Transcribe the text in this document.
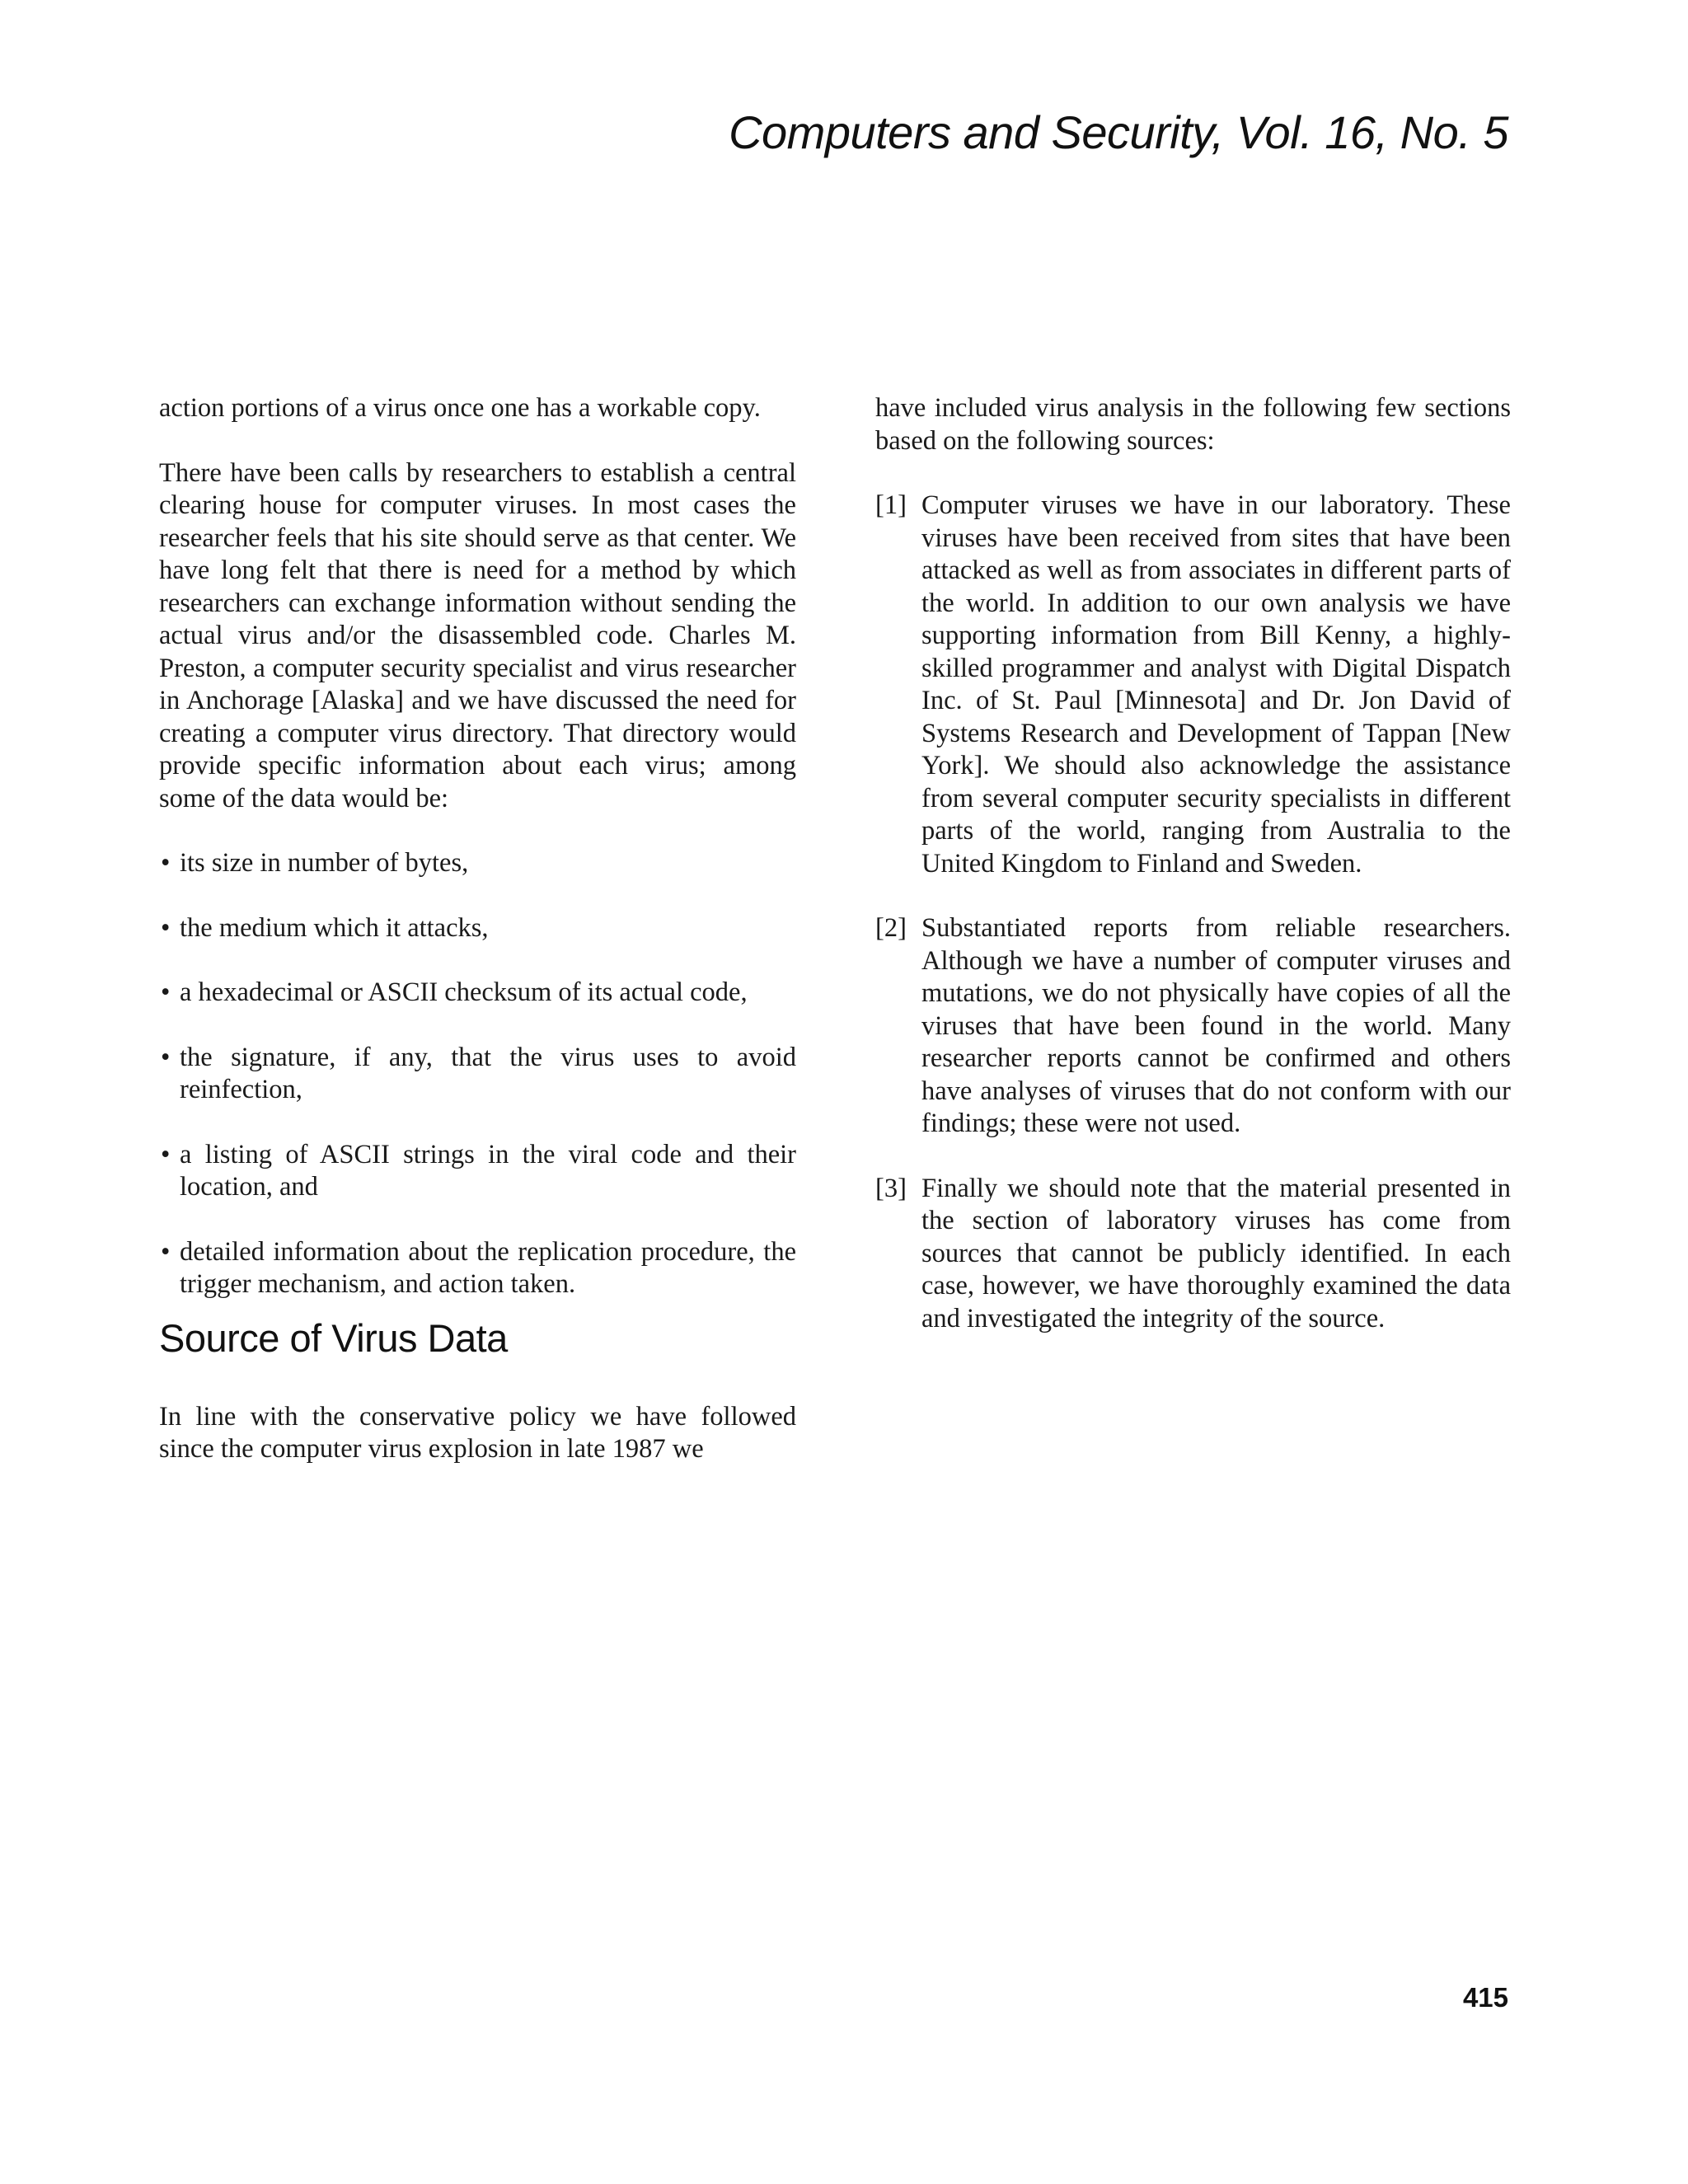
Computers and Security, Vol. 16, No. 5

action portions of a virus once one has a workable copy.

There have been calls by researchers to establish a central clearing house for computer viruses. In most cases the researcher feels that his site should serve as that center. We have long felt that there is need for a method by which researchers can exchange information without sending the actual virus and/or the disassembled code. Charles M. Preston, a computer security specialist and virus researcher in Anchorage [Alaska] and we have discussed the need for creating a computer virus directory. That directory would provide specific information about each virus; among some of the data would be:

• its size in number of bytes,
• the medium which it attacks,
• a hexadecimal or ASCII checksum of its actual code,
• the signature, if any, that the virus uses to avoid reinfection,
• a listing of ASCII strings in the viral code and their location, and
• detailed information about the replication procedure, the trigger mechanism, and action taken.
Source of Virus Data

In line with the conservative policy we have followed since the computer virus explosion in late 1987 we

have included virus analysis in the following few sections based on the following sources:

[1] Computer viruses we have in our laboratory. These viruses have been received from sites that have been attacked as well as from associates in different parts of the world. In addition to our own analysis we have supporting information from Bill Kenny, a highly-skilled programmer and analyst with Digital Dispatch Inc. of St. Paul [Minnesota] and Dr. Jon David of Systems Research and Development of Tappan [New York]. We should also acknowledge the assistance from several computer security specialists in different parts of the world, ranging from Australia to the United Kingdom to Finland and Sweden.
[2] Substantiated reports from reliable researchers. Although we have a number of computer viruses and mutations, we do not physically have copies of all the viruses that have been found in the world. Many researcher reports cannot be confirmed and others have analyses of viruses that do not conform with our findings; these were not used.
[3] Finally we should note that the material presented in the section of laboratory viruses has come from sources that cannot be publicly identified. In each case, however, we have thoroughly examined the data and investigated the integrity of the source.
415
